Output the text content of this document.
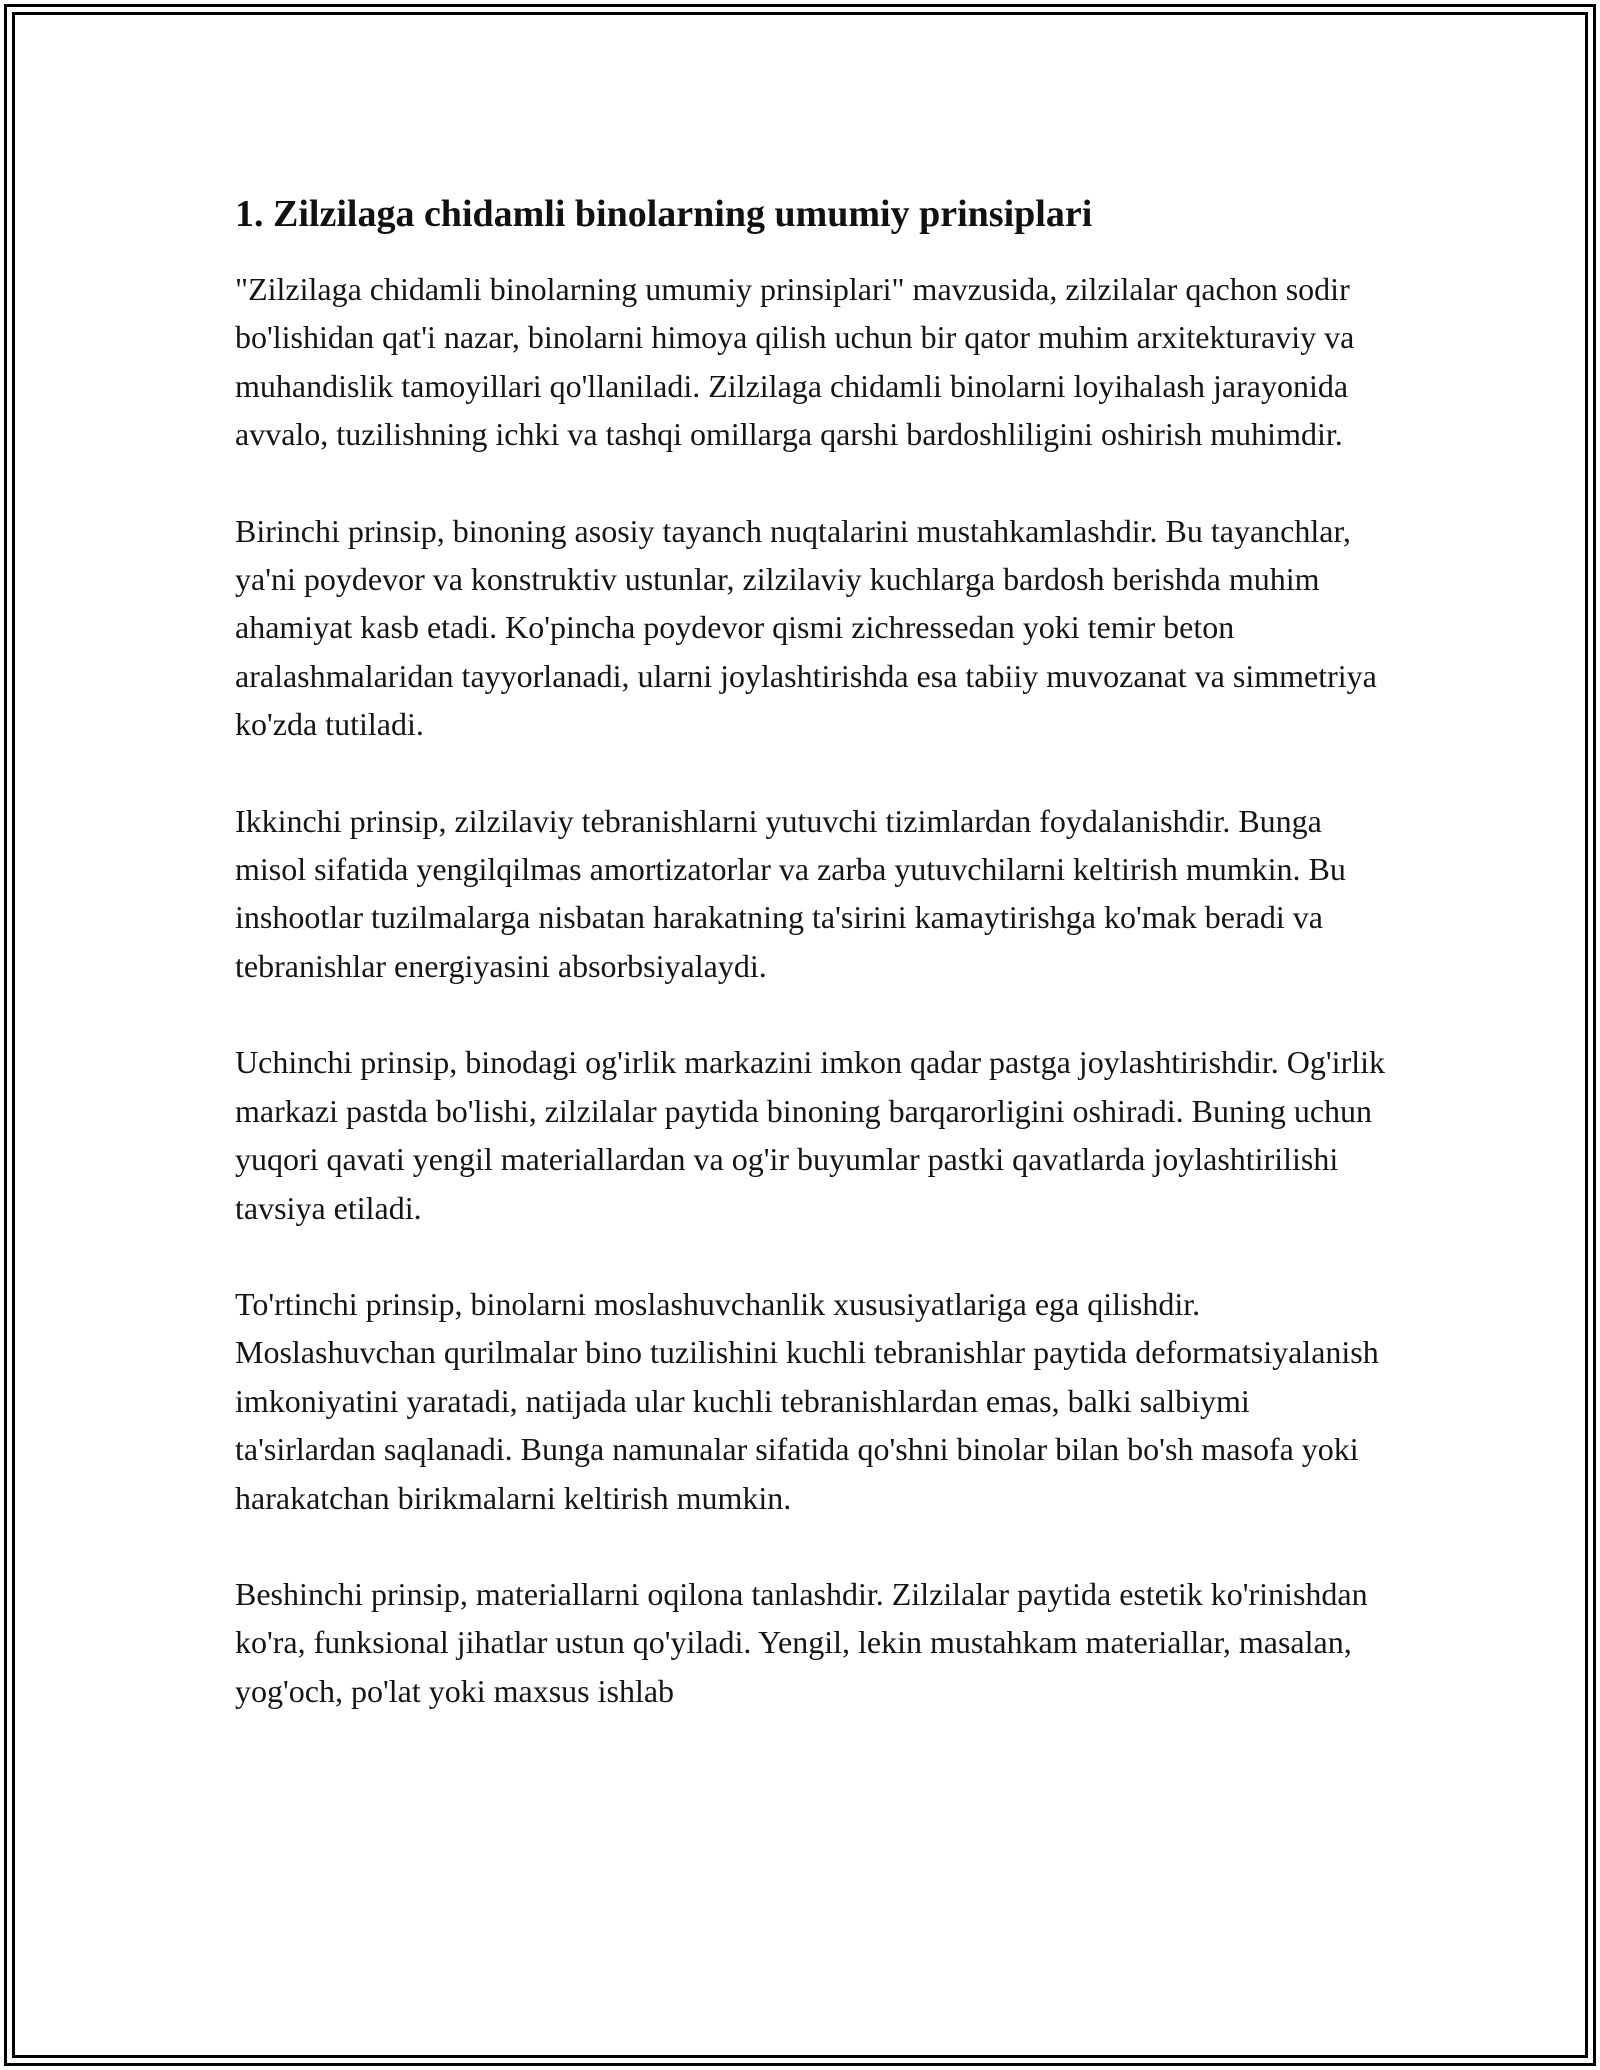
1. Zilzilaga chidamli binolarning umumiy prinsiplari

"Zilzilaga chidamli binolarning umumiy prinsiplari" mavzusida, zilzilalar qachon sodir bo'lishidan qat'i nazar, binolarni himoya qilish uchun bir qator muhim arxitekturaviy va muhandislik tamoyillari qo'llaniladi. Zilzilaga chidamli binolarni loyihalash jarayonida avvalo, tuzilishning ichki va tashqi omillarga qarshi bardoshliligini oshirish muhimdir.

Birinchi prinsip, binoning asosiy tayanch nuqtalarini mustahkamlashdir. Bu tayanchlar, ya'ni poydevor va konstruktiv ustunlar, zilzilaviy kuchlarga bardosh berishda muhim ahamiyat kasb etadi. Ko'pincha poydevor qismi zichressedan yoki temir beton aralashmalaridan tayyorlanadi, ularni joylashtirishda esa tabiiy muvozanat va simmetriya ko'zda tutiladi.

Ikkinchi prinsip, zilzilaviy tebranishlarni yutuvchi tizimlardan foydalanishdir. Bunga misol sifatida yengilqilmas amortizatorlar va zarba yutuvchilarni keltirish mumkin. Bu inshootlar tuzilmalarga nisbatan harakatning ta'sirini kamaytirishga ko'mak beradi va tebranishlar energiyasini absorbsiyalaydi.

Uchinchi prinsip, binodagi og'irlik markazini imkon qadar pastga joylashtirishdir. Og'irlik markazi pastda bo'lishi, zilzilalar paytida binoning barqarorligini oshiradi. Buning uchun yuqori qavati yengil materiallardan va og'ir buyumlar pastki qavatlarda joylashtirilishi tavsiya etiladi.

To'rtinchi prinsip, binolarni moslashuvchanlik xususiyatlariga ega qilishdir. Moslashuvchan qurilmalar bino tuzilishini kuchli tebranishlar paytida deformatsiyalanish imkoniyatini yaratadi, natijada ular kuchli tebranishlardan emas, balki salbiymi ta'sirlardan saqlanadi. Bunga namunalar sifatida qo'shni binolar bilan bo'sh masofa yoki harakatchan birikmalarni keltirish mumkin.

Beshinchi prinsip, materiallarni oqilona tanlashdir. Zilzilalar paytida estetik ko'rinishdan ko'ra, funksional jihatlar ustun qo'yiladi. Yengil, lekin mustahkam materiallar, masalan, yog'och, po'lat yoki maxsus ishlab
